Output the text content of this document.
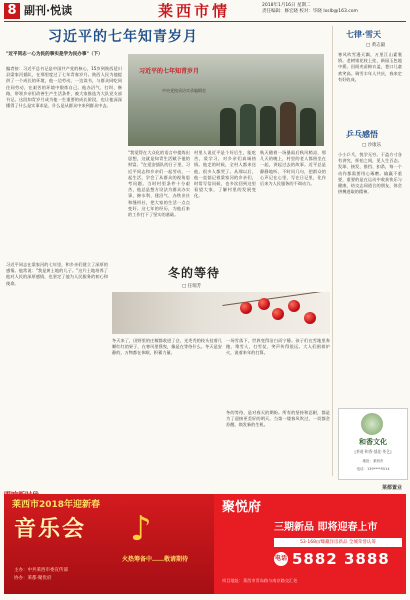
8 副刊·悦读	莱西市情	2018年1月16日 星期二
责任编辑：修宏晓 校对：毕晓 lxslb@163.com
习近平的七年知青岁月
"近平同志一心为民的事实是学为民办事"（下）
编者按：习近平总书记是中国共产党的核心，15岁到陕西延川县梁家河插队，在那里度过了七年青春岁月。陕西人民为他提供了一个成长的环境，他一边劳动，一边读书，与群众同吃同住同劳动，在艰苦的环境中锻炼自己。他办沼气、打坝、修路，带领乡亲们改善生产生活条件，被大家推选为大队党支部书记。这段知青岁月成为他一生重要的成长阶段，也让他深深懂得了什么是实事求是、什么是从群众中来到群众中去。
习近平的七年知青岁月
中央党校采访实录编辑室
"我觉得在大众化的语言中提炼出思想，这就是知青生活赋予他的财富。"在延安插队的日子里，习近平同志和乡亲们一起劳动，一起生活，学会了从群众的视角思考问题。当时村里条件十分艰苦，他总是想方设法为群众办实事，修水利、建沼气、办铁业社和缝纫社，把大家的生活一点点变好。这七年的经历，为他后来的工作打下了坚实的基础。
村里人说近平是个好后生，能吃苦，爱学习，对乡亲们真诚热情。他走的时候，全村人都来送他，很多人都哭了。从那以后，他一直惦记着梁家河的乡亲们，时常写信问候，也多次回到这里看望大家，了解村里的发展变化。
秋天随着一场暴雨后秋风稍凉，那几天的晚上，村里的老人都围坐在一起，讲起过去的故事。近平总是静静地听，不时问几句，把群众的心声记在心里，写在日记里，化作后来为人民服务的不竭动力。
习近平同志在梁家河的七年里，和乡亲们建立了深厚的感情。他常说："我是黄土地的儿子。"这片土地培养了他对人民的深厚感情，也坚定了他为人民服务的初心和使命。
七律·雪天
□ 黄志毅
寒风吹雪漫天飘，万里江山素裹娇。老树银花枝上挂，新园玉色地中摇。田间麦苗棉衣盖，巷口儿童欢笑高。瑞雪丰年人共庆，春来定有好收成。
乒乓感悟
□ 沙康乐
小小乒乓，悦学无穷。于盈方寸各有讲究，挥拍之间，见人生百态。发球、接发、推挡、扣杀，每一个动作都需要用心琢磨。输赢不重要，重要的是在运动中收获快乐与健康，结交志同道合的朋友，体会拼搏进取的精神。
和香文化
[茶道·和香·插花·茶艺]
地址：莱西市
电话：139****5514
冬的等待
□ 任瑞芳
冬天来了，田野里的庄稼都收进了仓，光秃秃的枝头挂着几颗红红的果子，在寒风里摇曳，像是在等待什么。冬天是安静的，万物都在休眠，积蓄力量。
一场雪落下，世界变得洁白而宁静。孩子们在雪地里奔跑，堆雪人，打雪仗，笑声传得很远。大人们围着炉火，说着来年的打算。
冬的等待，是对春天的期盼。所有的坚持和忍耐，都是为了迎接更美好的明天。当第一缕春风吹过，一切都会苏醒，焕发新的生机。
莱西市2018年迎新春
音乐会 ♪
火热筹备中……敬请期待
主办：中共莱西市委宣传部
协办：莱都·聚优府
莱都置业
聚悦府
三期新品 即将迎春上市
53-168㎡臻藏洋房新品 全城荣誉认筹
电话 5882 3888
项目地址：莱西市青岛路与南京路交汇处
